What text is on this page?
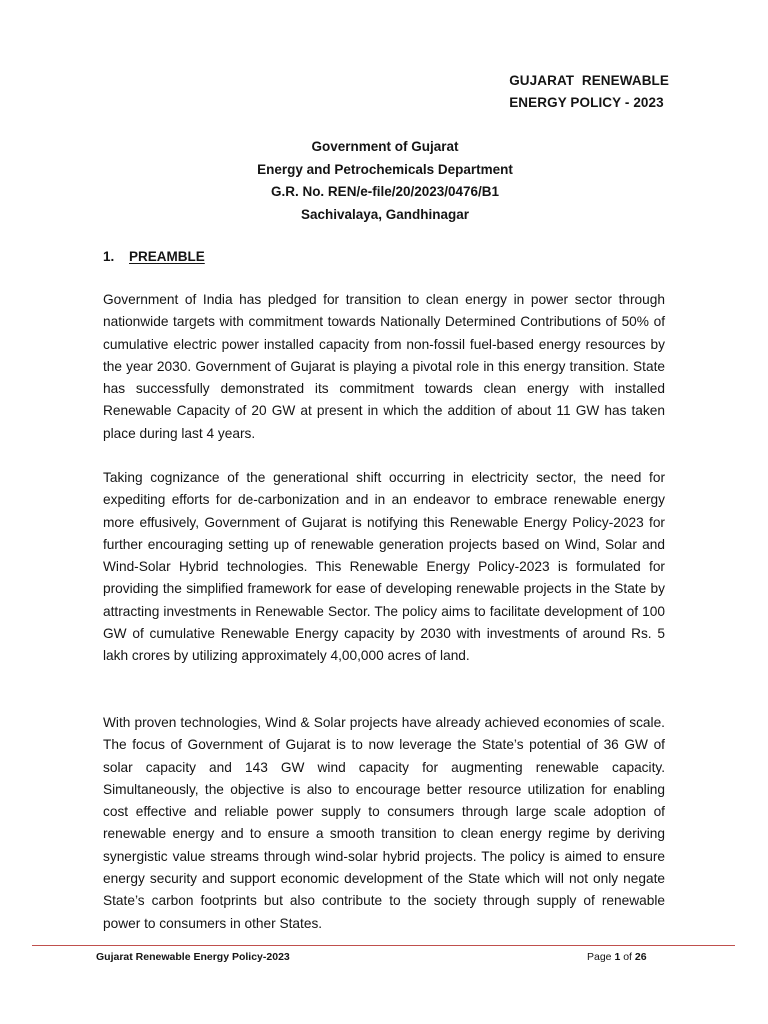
GUJARAT  RENEWABLE
ENERGY POLICY - 2023
Government of Gujarat
Energy and Petrochemicals Department
G.R. No. REN/e-file/20/2023/0476/B1
Sachivalaya, Gandhinagar
1. PREAMBLE

Government of India has pledged for transition to clean energy in power sector through nationwide targets with commitment towards Nationally Determined Contributions of 50% of cumulative electric power installed capacity from non-fossil fuel-based energy resources by the year 2030. Government of Gujarat is playing a pivotal role in this energy transition. State has successfully demonstrated its commitment towards clean energy with installed Renewable Capacity of 20 GW at present in which the addition of about 11 GW has taken place during last 4 years.

Taking cognizance of the generational shift occurring in electricity sector, the need for expediting efforts for de-carbonization and in an endeavor to embrace renewable energy more effusively, Government of Gujarat is notifying this Renewable Energy Policy-2023 for further encouraging setting up of renewable generation projects based on Wind, Solar and Wind-Solar Hybrid technologies. This Renewable Energy Policy-2023 is formulated for providing the simplified framework for ease of developing renewable projects in the State by attracting investments in Renewable Sector. The policy aims to facilitate development of 100 GW of cumulative Renewable Energy capacity by 2030 with investments of around Rs. 5 lakh crores by utilizing approximately 4,00,000 acres of land.

With proven technologies, Wind & Solar projects have already achieved economies of scale. The focus of Government of Gujarat is to now leverage the State’s potential of 36 GW of solar capacity and 143 GW wind capacity for augmenting renewable capacity. Simultaneously, the objective is also to encourage better resource utilization for enabling cost effective and reliable power supply to consumers through large scale adoption of renewable energy and to ensure a smooth transition to clean energy regime by deriving synergistic value streams through wind-solar hybrid projects. The policy is aimed to ensure energy security and support economic development of the State which will not only negate State’s carbon footprints but also contribute to the society through supply of renewable power to consumers in other States.

Gujarat Renewable Energy Policy-2023	Page 1 of 26
